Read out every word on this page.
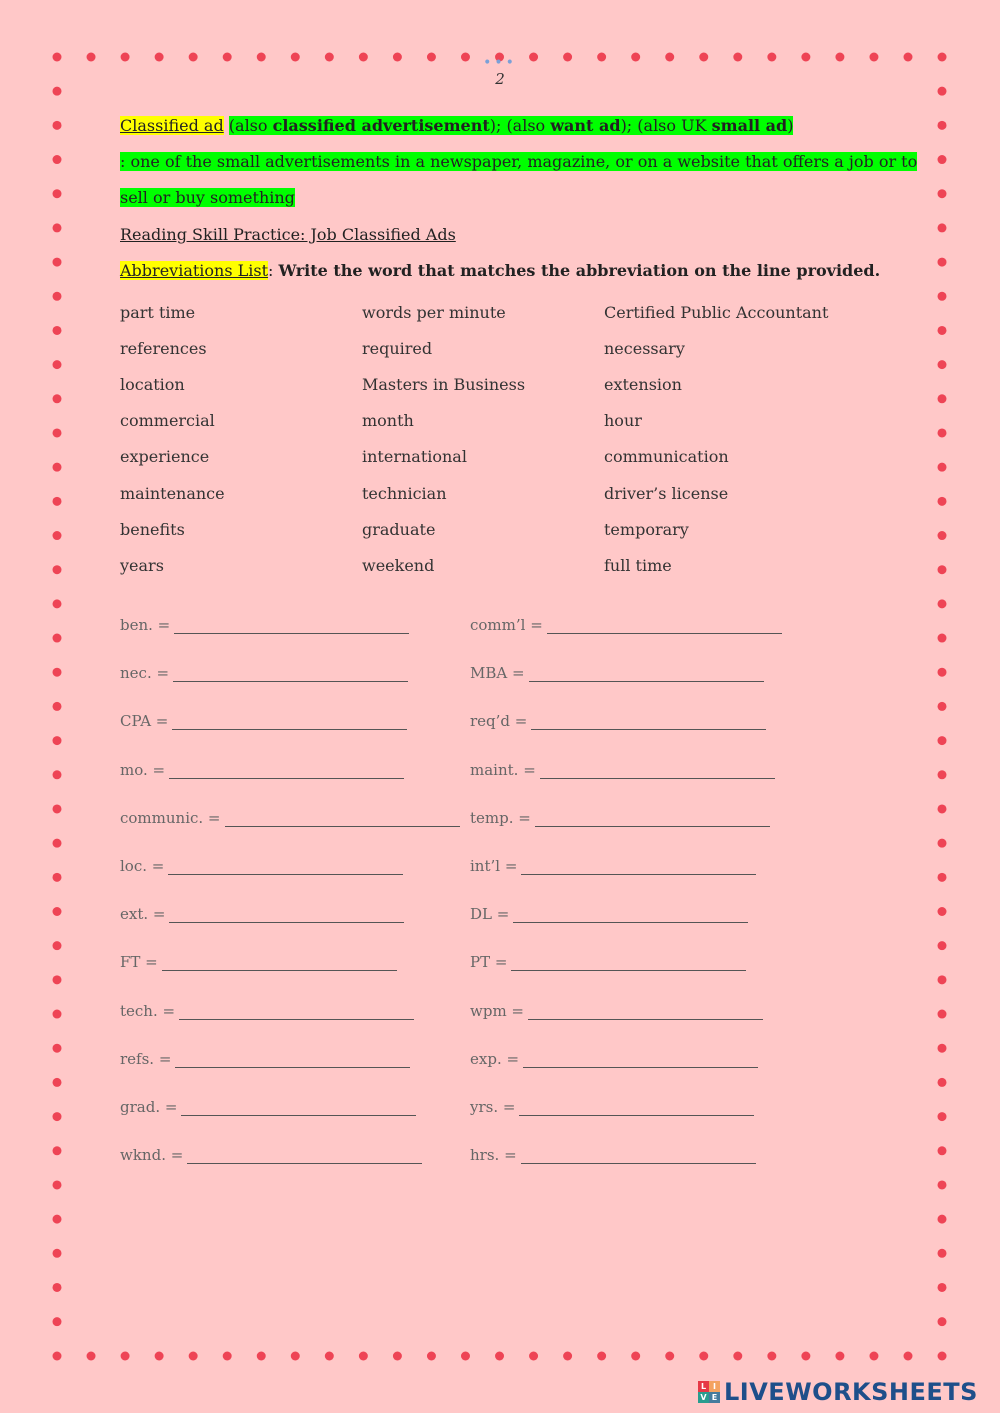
•••
2
Classified ad (also classified advertisement); (also want ad); (also UK small ad)
: one of the small advertisements in a newspaper, magazine, or on a website that offers a job or to
sell or buy something
Reading Skill Practice: Job Classified Ads
Abbreviations List: Write the word that matches the abbreviation on the line provided.
part time	words per minute	Certified Public Accountant
references	required	necessary
location	Masters in Business	extension
commercial	month	hour
experience	international	communication
maintenance	technician	driver’s license
benefits	graduate	temporary
years	weekend	full time
ben. =	comm’l =
nec. =	MBA =
CPA =	req’d =
mo. =	maint. =
communic. =	temp. =
loc. =	int’l =
ext. =	DL =
FT =	PT =
tech. =	wpm =
refs. =	exp. =
grad. =	yrs. =
wknd. =	hrs. =
L I
V E LIVEWORKSHEETS
